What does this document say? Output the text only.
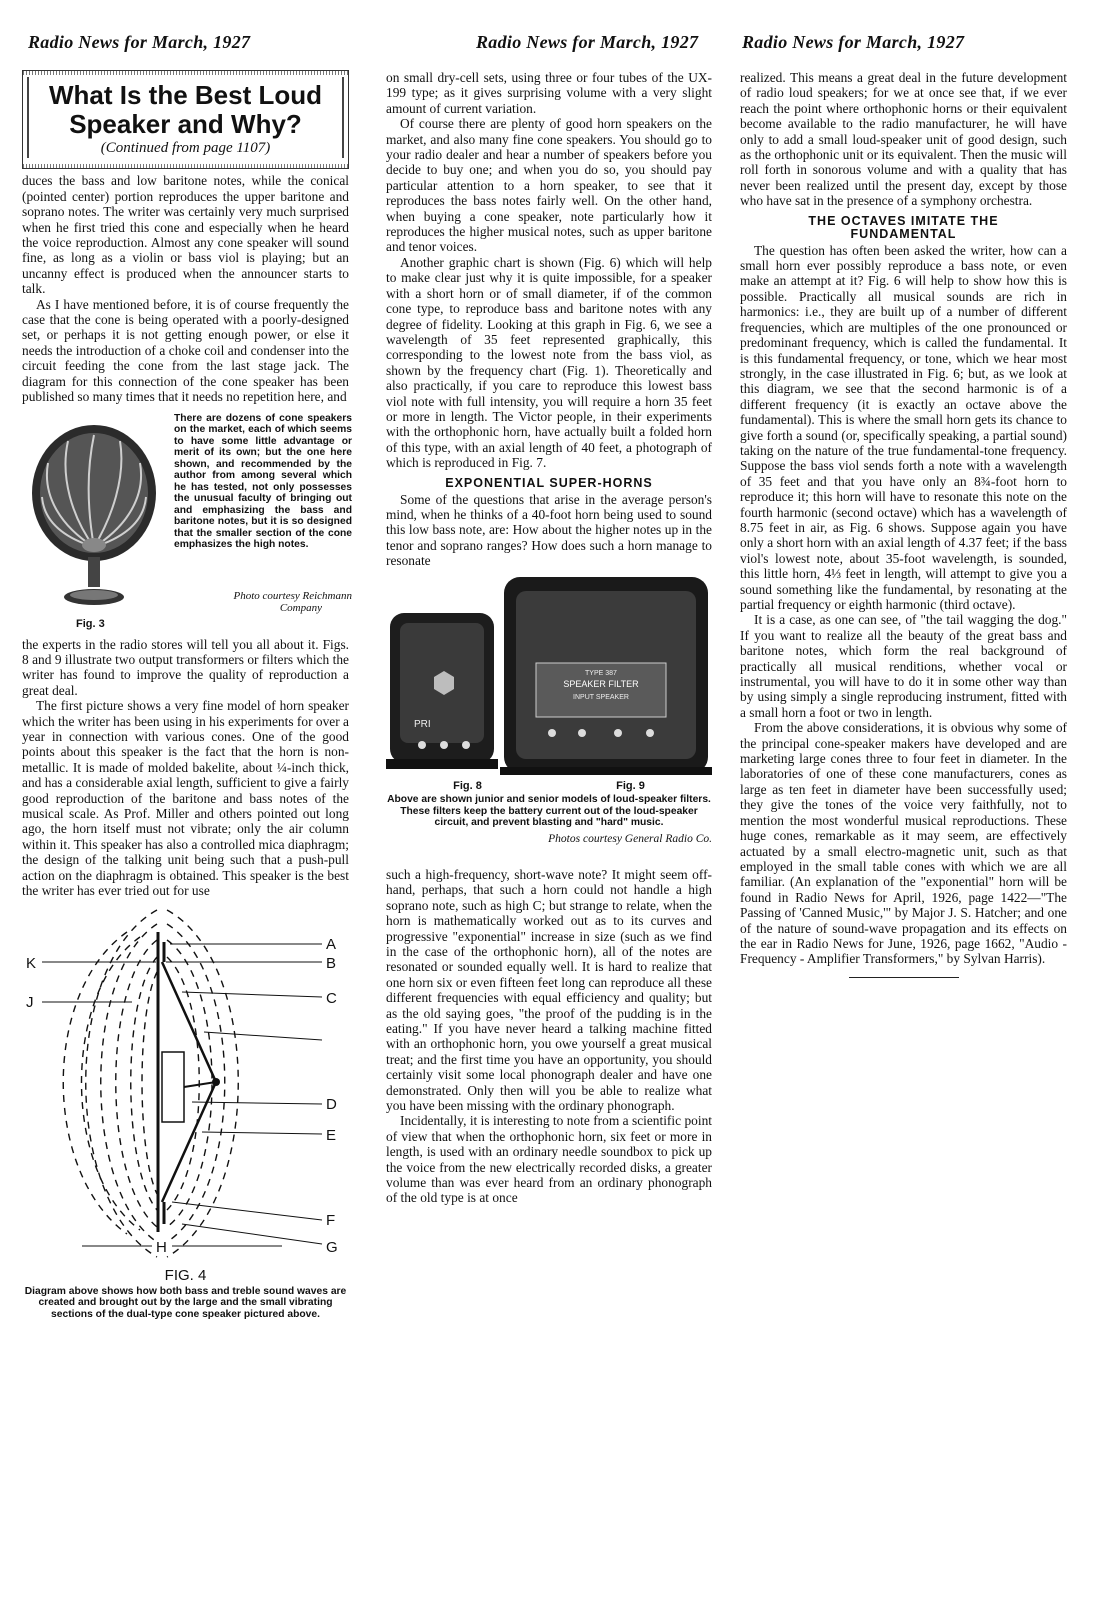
Radio News for March, 1927	Radio News for March, 1927 Radio News for March, 1927
What Is the Best Loud
Speaker and Why?
(Continued from page 1107)

duces the bass and low baritone notes, while the conical (pointed center) portion reproduces the upper baritone and soprano notes. The writer was certainly very much surprised when he first tried this cone and especially when he heard the voice reproduction. Almost any cone speaker will sound fine, as long as a violin or bass viol is playing; but an uncanny effect is produced when the announcer starts to talk.

As I have mentioned before, it is of course frequently the case that the cone is being operated with a poorly-designed set, or perhaps it is not getting enough power, or else it needs the introduction of a choke coil and condenser into the circuit feeding the cone from the last stage jack. The diagram for this connection of the cone speaker has been published so many times that it needs no repetition here, and

Fig. 3
There are dozens of cone speakers on the market, each of which seems to have some little advantage or merit of its own; but the one here shown, and recommended by the author from among several which he has tested, not only possesses the unusual faculty of bringing out and emphasizing the bass and baritone notes, but it is so designed that the smaller section of the cone emphasizes the high notes.
Photo courtesy Reichmann
Company

the experts in the radio stores will tell you all about it. Figs. 8 and 9 illustrate two output transformers or filters which the writer has found to improve the quality of reproduction a great deal.

The first picture shows a very fine model of horn speaker which the writer has been using in his experiments for over a year in connection with various cones. One of the good points about this speaker is the fact that the horn is non-metallic. It is made of molded bakelite, about ¼-inch thick, and has a considerable axial length, sufficient to give a fairly good reproduction of the baritone and bass notes of the musical scale. As Prof. Miller and others pointed out long ago, the horn itself must not vibrate; only the air column within it. This speaker has also a controlled mica diaphragm; the design of the talking unit being such that a push-pull action on the diaphragm is obtained. This speaker is the best the writer has ever tried out for use

A
B
C
D
E
F
G
H
J
K
FIG. 4
Diagram above shows how both bass and treble sound waves are created and brought out by the large and the small vibrating sections of the dual-type cone speaker pictured above.

on small dry-cell sets, using three or four tubes of the UX-199 type; as it gives surprising volume with a very slight amount of current variation.

Of course there are plenty of good horn speakers on the market, and also many fine cone speakers. You should go to your radio dealer and hear a number of speakers before you decide to buy one; and when you do so, you should pay particular attention to a horn speaker, to see that it reproduces the bass notes fairly well. On the other hand, when buying a cone speaker, note particularly how it reproduces the higher musical notes, such as upper baritone and tenor voices.

Another graphic chart is shown (Fig. 6) which will help to make clear just why it is quite impossible, for a speaker with a short horn or of small diameter, if of the common cone type, to reproduce bass and baritone notes with any degree of fidelity. Looking at this graph in Fig. 6, we see a wavelength of 35 feet represented graphically, this corresponding to the lowest note from the bass viol, as shown by the frequency chart (Fig. 1). Theoretically and also practically, if you care to reproduce this lowest bass viol note with full intensity, you will require a horn 35 feet or more in length. The Victor people, in their experiments with the orthophonic horn, have actually built a folded horn of this type, with an axial length of 40 feet, a photograph of which is reproduced in Fig. 7.

EXPONENTIAL SUPER-HORNS

Some of the questions that arise in the average person's mind, when he thinks of a 40-foot horn being used to sound this low bass note, are: How about the higher notes up in the tenor and soprano ranges? How does such a horn manage to resonate

PRI
TYPE 387
SPEAKER FILTER
INPUT SPEAKER
Fig. 8	Fig. 9
Above are shown junior and senior models of loud-speaker filters. These filters keep the battery current out of the loud-speaker circuit, and prevent blasting and "hard" music.
Photos courtesy General Radio Co.

such a high-frequency, short-wave note? It might seem off-hand, perhaps, that such a horn could not handle a high soprano note, such as high C; but strange to relate, when the horn is mathematically worked out as to its curves and progressive "exponential" increase in size (such as we find in the case of the orthophonic horn), all of the notes are resonated or sounded equally well. It is hard to realize that one horn six or even fifteen feet long can reproduce all these different frequencies with equal efficiency and quality; but as the old saying goes, "the proof of the pudding is in the eating." If you have never heard a talking machine fitted with an orthophonic horn, you owe yourself a great musical treat; and the first time you have an opportunity, you should certainly visit some local phonograph dealer and have one demonstrated. Only then will you be able to realize what you have been missing with the ordinary phonograph.

Incidentally, it is interesting to note from a scientific point of view that when the orthophonic horn, six feet or more in length, is used with an ordinary needle soundbox to pick up the voice from the new electrically recorded disks, a greater volume than was ever heard from an ordinary phonograph of the old type is at once

realized. This means a great deal in the future development of radio loud speakers; for we at once see that, if we ever reach the point where orthophonic horns or their equivalent become available to the radio manufacturer, he will have only to add a small loud-speaker unit of good design, such as the orthophonic unit or its equivalent. Then the music will roll forth in sonorous volume and with a quality that has never been realized until the present day, except by those who have sat in the presence of a symphony orchestra.

THE OCTAVES IMITATE THE FUNDAMENTAL

The question has often been asked the writer, how can a small horn ever possibly reproduce a bass note, or even make an attempt at it? Fig. 6 will help to show how this is possible. Practically all musical sounds are rich in harmonics: i.e., they are built up of a number of different frequencies, which are multiples of the one pronounced or predominant frequency, which is called the fundamental. It is this fundamental frequency, or tone, which we hear most strongly, in the case illustrated in Fig. 6; but, as we look at this diagram, we see that the second harmonic is of a different frequency (it is exactly an octave above the fundamental). This is where the small horn gets its chance to give forth a sound (or, specifically speaking, a partial sound) taking on the nature of the true fundamental-tone frequency. Suppose the bass viol sends forth a note with a wavelength of 35 feet and that you have only an 8¾-foot horn to reproduce it; this horn will have to resonate this note on the fourth harmonic (second octave) which has a wavelength of 8.75 feet in air, as Fig. 6 shows. Suppose again you have only a short horn with an axial length of 4.37 feet; if the bass viol's lowest note, about 35-foot wavelength, is sounded, this little horn, 4⅓ feet in length, will attempt to give you a sound something like the fundamental, by resonating at the partial frequency or eighth harmonic (third octave).

It is a case, as one can see, of "the tail wagging the dog." If you want to realize all the beauty of the great bass and baritone notes, which form the real background of practically all musical renditions, whether vocal or instrumental, you will have to do it in some other way than by using simply a single reproducing instrument, fitted with a small horn a foot or two in length.

From the above considerations, it is obvious why some of the principal cone-speaker makers have developed and are marketing large cones three to four feet in diameter. In the laboratories of one of these cone manufacturers, cones as large as ten feet in diameter have been successfully used; they give the tones of the voice very faithfully, not to mention the most wonderful musical reproductions. These huge cones, remarkable as it may seem, are effectively actuated by a small electro-magnetic unit, such as that employed in the small table cones with which we are all familiar. (An explanation of the "exponential" horn will be found in Radio News for April, 1926, page 1422—"The Passing of 'Canned Music,'" by Major J. S. Hatcher; and one of the nature of sound-wave propagation and its effects on the ear in Radio News for June, 1926, page 1662, "Audio - Frequency - Amplifier Transformers," by Sylvan Harris).
